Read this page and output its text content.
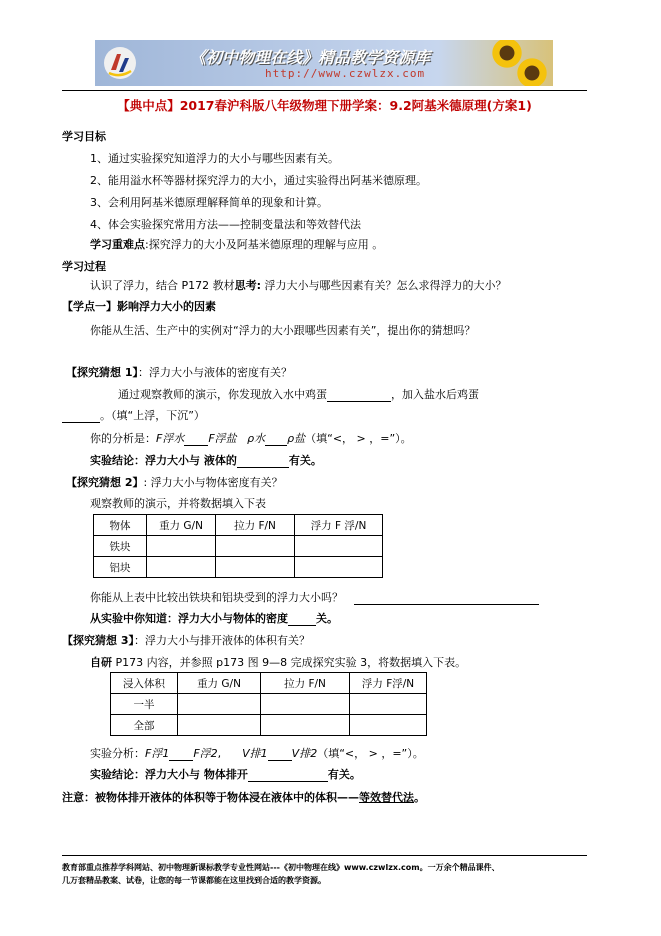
《初中物理在线》精品教学资源库
http://www.czwlzx.com
【典中点】2017春沪科版八年级物理下册学案：9.2阿基米德原理(方案1)
学习目标
1、通过实验探究知道浮力的大小与哪些因素有关。
2、能用溢水杯等器材探究浮力的大小，通过实验得出阿基米德原理。
3、会利用阿基米德原理解释简单的现象和计算。
4、体会实验探究常用方法——控制变量法和等效替代法
学习重难点:探究浮力的大小及阿基米德原理的理解与应用 。
学习过程
认识了浮力，结合 P172 教材思考: 浮力大小与哪些因素有关？怎么求得浮力的大小？
【学点一】影响浮力大小的因素
你能从生活、生产中的实例对“浮力的大小跟哪些因素有关”，提出你的猜想吗？
【探究猜想 1】：浮力大小与液体的密度有关？
通过观察教师的演示，你发现放入水中鸡蛋	，加入盐水后鸡蛋
。（填“上浮，下沉”）
你的分析是：F浮水 F浮盐 ρ水 ρ盐（填“<， > ，=”）。
实验结论：浮力大小与 液体的	有关。
【探究猜想 2】: 浮力大小与物体密度有关？
观察教师的演示，并将数据填入下表
物体	重力 G/N	拉力 F/N	浮力 F 浮/N
铁块			
铝块			
你能从上表中比较出铁块和铝块受到的浮力大小吗？
从实验中你知道：浮力大小与物体的密度	关。
【探究猜想 3】：浮力大小与排开液体的体积有关？
自研 P173 内容，并参照 p173 图 9—8 完成探究实验 3，将数据填入下表。
浸入体积	重力 G/N	拉力 F/N	浮力 F浮/N
一半			
全部			
实验分析：F浮1 F浮2,      V排1 V排2（填“<， > ，=”）。
实验结论：浮力大小与 物体排开	有关。
注意：被物体排开液体的体积等于物体浸在液体中的体积——等效替代法。
教育部重点推荐学科网站、初中物理新课标教学专业性网站---《初中物理在线》www.czwlzx.com。一万余个精品课件、
几万套精品教案、试卷，让您的每一节课都能在这里找到合适的教学资源。
